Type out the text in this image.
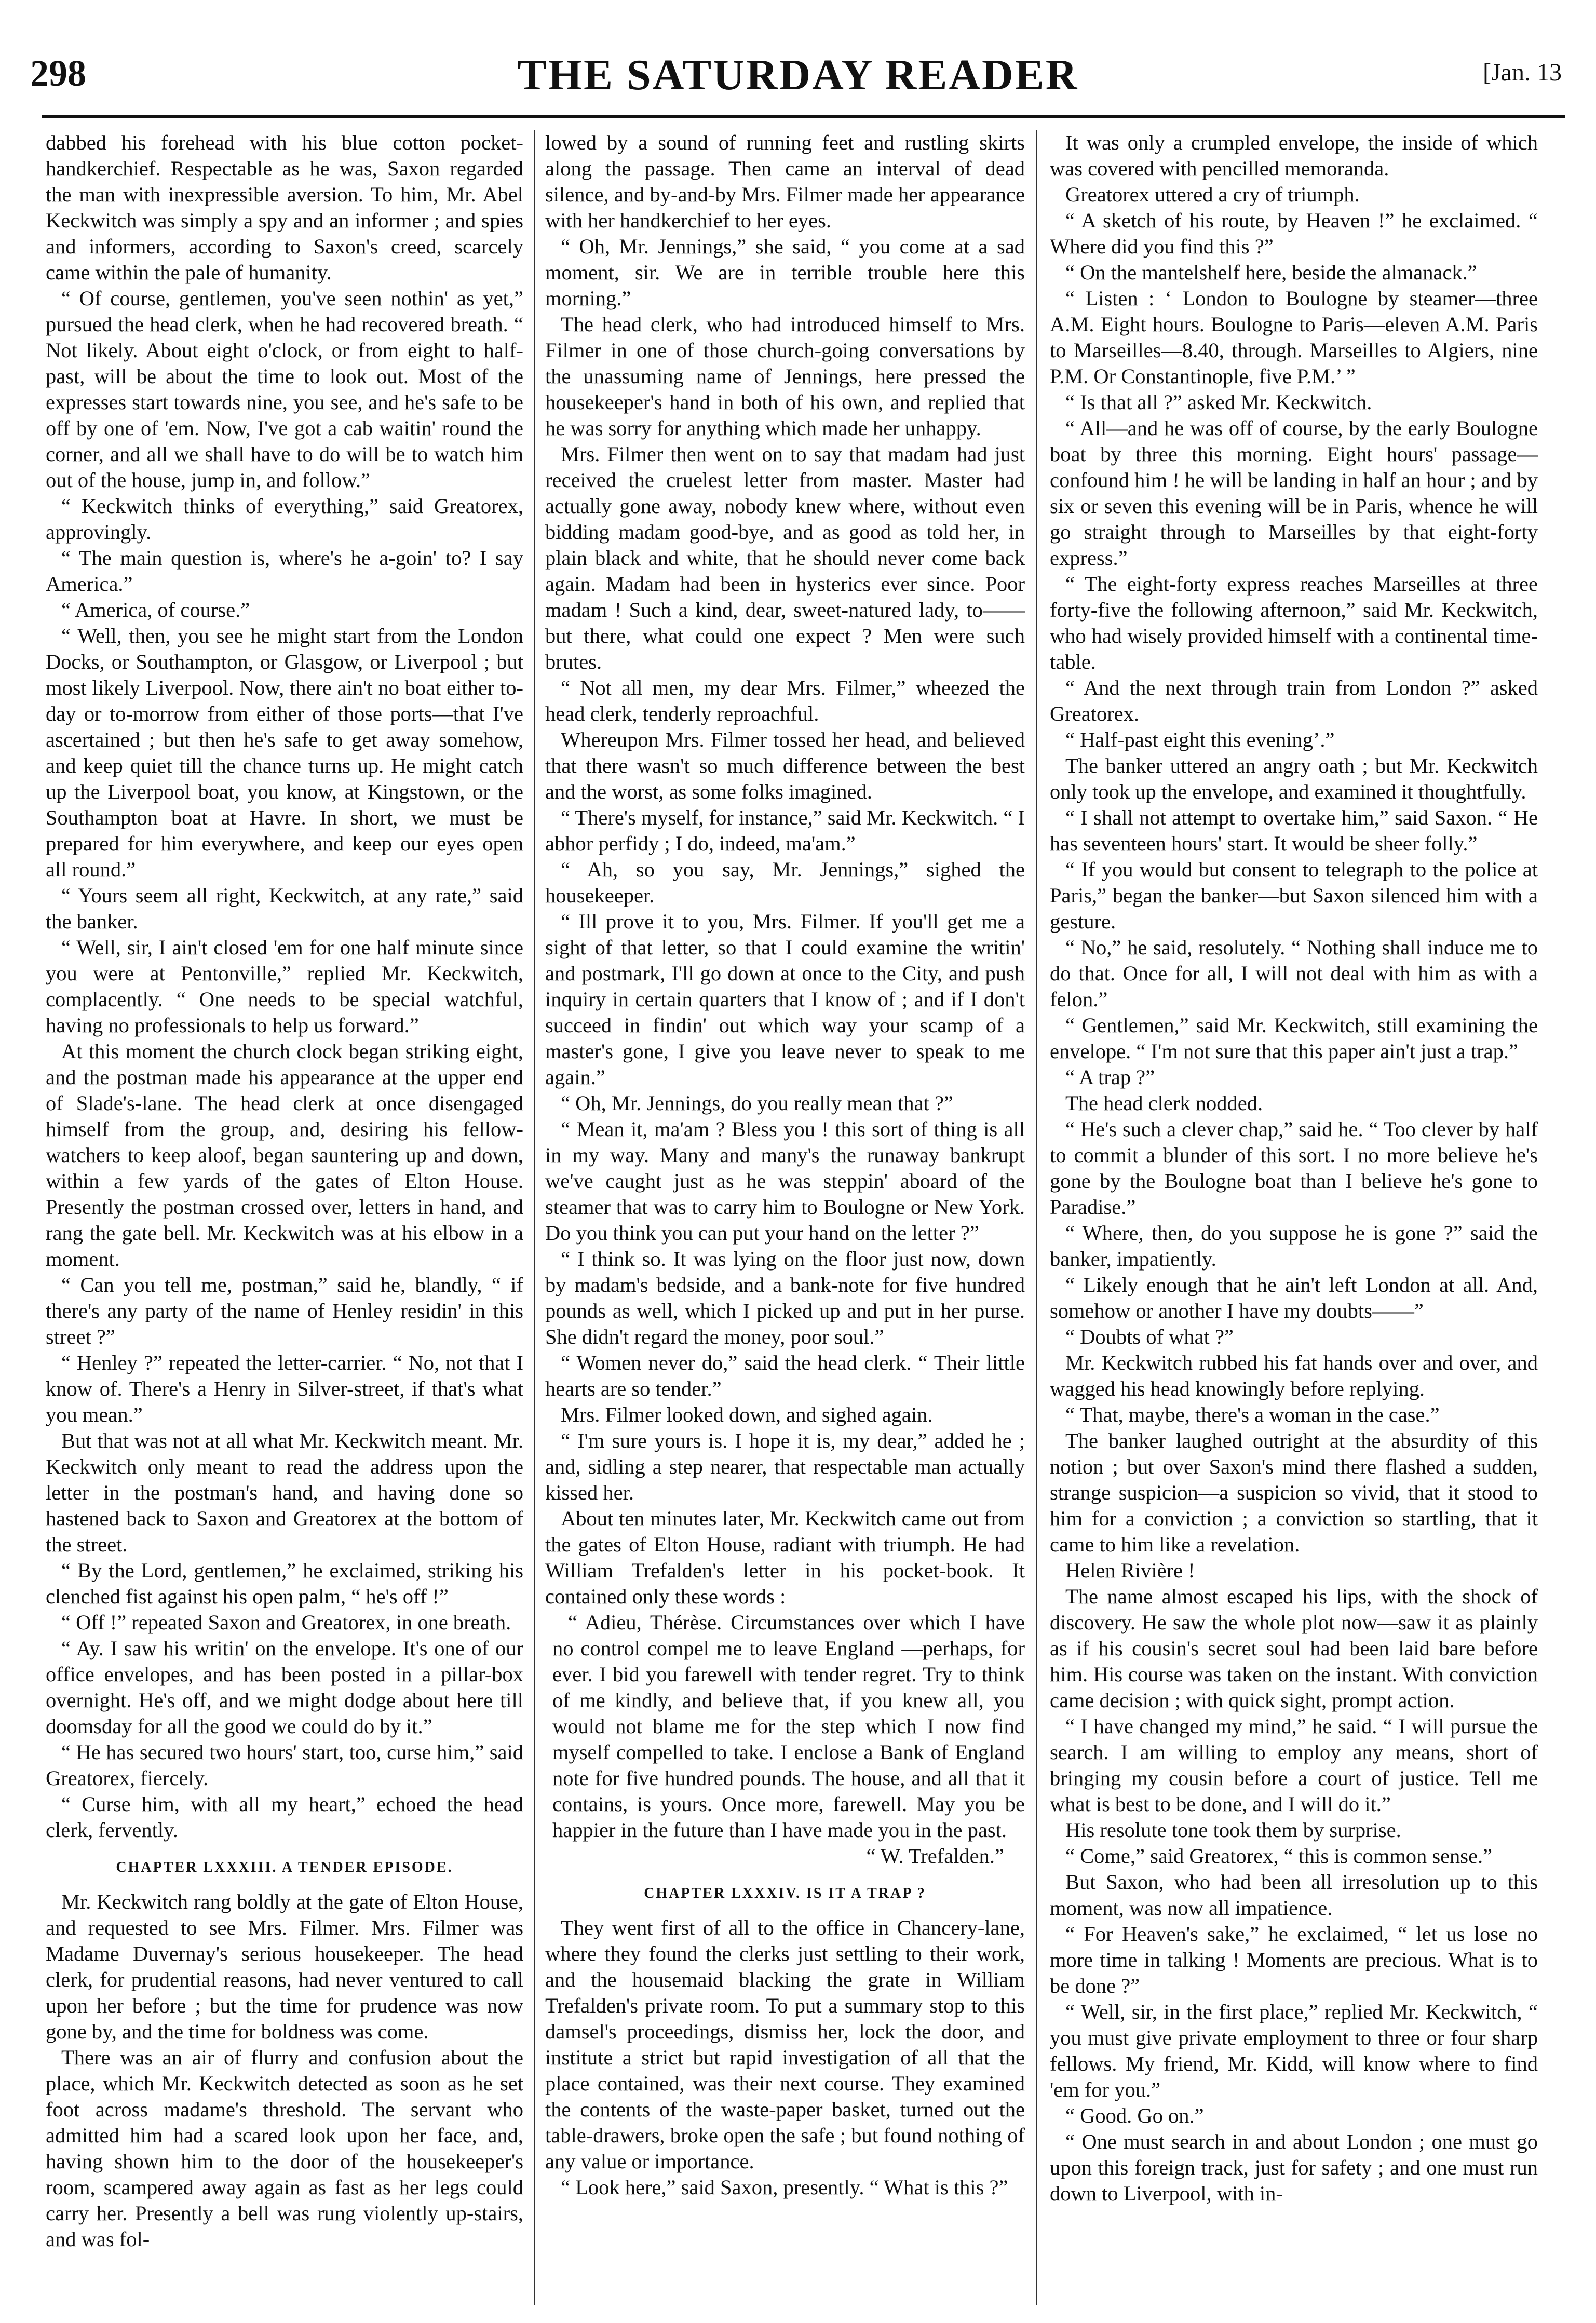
298	THE SATURDAY READER	[Jan. 13

dabbed his forehead with his blue cotton pocket-handkerchief. Respectable as he was, Saxon regarded the man with inexpressible aversion. To him, Mr. Abel Keckwitch was simply a spy and an informer ; and spies and informers, according to Saxon's creed, scarcely came within the pale of humanity.

“ Of course, gentlemen, you've seen nothin' as yet,” pursued the head clerk, when he had recovered breath. “ Not likely. About eight o'clock, or from eight to half-past, will be about the time to look out. Most of the expresses start towards nine, you see, and he's safe to be off by one of 'em. Now, I've got a cab waitin' round the corner, and all we shall have to do will be to watch him out of the house, jump in, and follow.”

“ Keckwitch thinks of everything,” said Greatorex, approvingly.

“ The main question is, where's he a-goin' to? I say America.”

“ America, of course.”

“ Well, then, you see he might start from the London Docks, or Southampton, or Glasgow, or Liverpool ; but most likely Liverpool. Now, there ain't no boat either to-day or to-morrow from either of those ports—that I've ascertained ; but then he's safe to get away somehow, and keep quiet till the chance turns up. He might catch up the Liverpool boat, you know, at Kingstown, or the Southampton boat at Havre. In short, we must be prepared for him everywhere, and keep our eyes open all round.”

“ Yours seem all right, Keckwitch, at any rate,” said the banker.

“ Well, sir, I ain't closed 'em for one half minute since you were at Pentonville,” replied Mr. Keckwitch, complacently. “ One needs to be special watchful, having no professionals to help us forward.”

At this moment the church clock began striking eight, and the postman made his appearance at the upper end of Slade's-lane. The head clerk at once disengaged himself from the group, and, desiring his fellow-watchers to keep aloof, began sauntering up and down, within a few yards of the gates of Elton House. Presently the postman crossed over, letters in hand, and rang the gate bell. Mr. Keckwitch was at his elbow in a moment.

“ Can you tell me, postman,” said he, blandly, “ if there's any party of the name of Henley residin' in this street ?”

“ Henley ?” repeated the letter-carrier. “ No, not that I know of. There's a Henry in Silver-street, if that's what you mean.”

But that was not at all what Mr. Keckwitch meant. Mr. Keckwitch only meant to read the address upon the letter in the postman's hand, and having done so hastened back to Saxon and Greatorex at the bottom of the street.

“ By the Lord, gentlemen,” he exclaimed, striking his clenched fist against his open palm, “ he's off !”

“ Off !” repeated Saxon and Greatorex, in one breath.

“ Ay. I saw his writin' on the envelope. It's one of our office envelopes, and has been posted in a pillar-box overnight. He's off, and we might dodge about here till doomsday for all the good we could do by it.”

“ He has secured two hours' start, too, curse him,” said Greatorex, fiercely.

“ Curse him, with all my heart,” echoed the head clerk, fervently.

CHAPTER LXXXIII. A TENDER EPISODE.

Mr. Keckwitch rang boldly at the gate of Elton House, and requested to see Mrs. Filmer. Mrs. Filmer was Madame Duvernay's serious housekeeper. The head clerk, for prudential reasons, had never ventured to call upon her before ; but the time for prudence was now gone by, and the time for boldness was come.

There was an air of flurry and confusion about the place, which Mr. Keckwitch detected as soon as he set foot across madame's threshold. The servant who admitted him had a scared look upon her face, and, having shown him to the door of the housekeeper's room, scampered away again as fast as her legs could carry her. Presently a bell was rung violently up-stairs, and was fol-

lowed by a sound of running feet and rustling skirts along the passage. Then came an interval of dead silence, and by-and-by Mrs. Filmer made her appearance with her handkerchief to her eyes.

“ Oh, Mr. Jennings,” she said, “ you come at a sad moment, sir. We are in terrible trouble here this morning.”

The head clerk, who had introduced himself to Mrs. Filmer in one of those church-going conversations by the unassuming name of Jennings, here pressed the housekeeper's hand in both of his own, and replied that he was sorry for anything which made her unhappy.

Mrs. Filmer then went on to say that madam had just received the cruelest letter from master. Master had actually gone away, nobody knew where, without even bidding madam good-bye, and as good as told her, in plain black and white, that he should never come back again. Madam had been in hysterics ever since. Poor madam ! Such a kind, dear, sweet-natured lady, to——but there, what could one expect ? Men were such brutes.

“ Not all men, my dear Mrs. Filmer,” wheezed the head clerk, tenderly reproachful.

Whereupon Mrs. Filmer tossed her head, and believed that there wasn't so much difference between the best and the worst, as some folks imagined.

“ There's myself, for instance,” said Mr. Keckwitch. “ I abhor perfidy ; I do, indeed, ma'am.”

“ Ah, so you say, Mr. Jennings,” sighed the housekeeper.

“ Ill prove it to you, Mrs. Filmer. If you'll get me a sight of that letter, so that I could examine the writin' and postmark, I'll go down at once to the City, and push inquiry in certain quarters that I know of ; and if I don't succeed in findin' out which way your scamp of a master's gone, I give you leave never to speak to me again.”

“ Oh, Mr. Jennings, do you really mean that ?”

“ Mean it, ma'am ? Bless you ! this sort of thing is all in my way. Many and many's the runaway bankrupt we've caught just as he was steppin' aboard of the steamer that was to carry him to Boulogne or New York. Do you think you can put your hand on the letter ?”

“ I think so. It was lying on the floor just now, down by madam's bedside, and a bank-note for five hundred pounds as well, which I picked up and put in her purse. She didn't regard the money, poor soul.”

“ Women never do,” said the head clerk. “ Their little hearts are so tender.”

Mrs. Filmer looked down, and sighed again.

“ I'm sure yours is. I hope it is, my dear,” added he ; and, sidling a step nearer, that respectable man actually kissed her.

About ten minutes later, Mr. Keckwitch came out from the gates of Elton House, radiant with triumph. He had William Trefalden's letter in his pocket-book. It contained only these words :

“ Adieu, Thérèse. Circumstances over which I have no control compel me to leave England —perhaps, for ever. I bid you farewell with tender regret. Try to think of me kindly, and believe that, if you knew all, you would not blame me for the step which I now find myself compelled to take. I enclose a Bank of England note for five hundred pounds. The house, and all that it contains, is yours. Once more, farewell. May you be happier in the future than I have made you in the past.

“ W. Trefalden.”

CHAPTER LXXXIV. IS IT A TRAP ?

They went first of all to the office in Chancery-lane, where they found the clerks just settling to their work, and the housemaid blacking the grate in William Trefalden's private room. To put a summary stop to this damsel's proceedings, dismiss her, lock the door, and institute a strict but rapid investigation of all that the place contained, was their next course. They examined the contents of the waste-paper basket, turned out the table-drawers, broke open the safe ; but found nothing of any value or importance.

“ Look here,” said Saxon, presently. “ What is this ?”

It was only a crumpled envelope, the inside of which was covered with pencilled memoranda.

Greatorex uttered a cry of triumph.

“ A sketch of his route, by Heaven !” he exclaimed. “ Where did you find this ?”

“ On the mantelshelf here, beside the almanack.”

“ Listen : ‘ London to Boulogne by steamer—three A.M. Eight hours. Boulogne to Paris—eleven A.M. Paris to Marseilles—8.40, through. Marseilles to Algiers, nine P.M. Or Constantinople, five P.M.’ ”

“ Is that all ?” asked Mr. Keckwitch.

“ All—and he was off of course, by the early Boulogne boat by three this morning. Eight hours' passage—confound him ! he will be landing in half an hour ; and by six or seven this evening will be in Paris, whence he will go straight through to Marseilles by that eight-forty express.”

“ The eight-forty express reaches Marseilles at three forty-five the following afternoon,” said Mr. Keckwitch, who had wisely provided himself with a continental time-table.

“ And the next through train from London ?” asked Greatorex.

“ Half-past eight this evening’.”

The banker uttered an angry oath ; but Mr. Keckwitch only took up the envelope, and examined it thoughtfully.

“ I shall not attempt to overtake him,” said Saxon. “ He has seventeen hours' start. It would be sheer folly.”

“ If you would but consent to telegraph to the police at Paris,” began the banker—but Saxon silenced him with a gesture.

“ No,” he said, resolutely. “ Nothing shall induce me to do that. Once for all, I will not deal with him as with a felon.”

“ Gentlemen,” said Mr. Keckwitch, still examining the envelope. “ I'm not sure that this paper ain't just a trap.”

“ A trap ?”

The head clerk nodded.

“ He's such a clever chap,” said he. “ Too clever by half to commit a blunder of this sort. I no more believe he's gone by the Boulogne boat than I believe he's gone to Paradise.”

“ Where, then, do you suppose he is gone ?” said the banker, impatiently.

“ Likely enough that he ain't left London at all. And, somehow or another I have my doubts——”

“ Doubts of what ?”

Mr. Keckwitch rubbed his fat hands over and over, and wagged his head knowingly before replying.

“ That, maybe, there's a woman in the case.”

The banker laughed outright at the absurdity of this notion ; but over Saxon's mind there flashed a sudden, strange suspicion—a suspicion so vivid, that it stood to him for a conviction ; a conviction so startling, that it came to him like a revelation.

Helen Rivière !

The name almost escaped his lips, with the shock of discovery. He saw the whole plot now—saw it as plainly as if his cousin's secret soul had been laid bare before him. His course was taken on the instant. With conviction came decision ; with quick sight, prompt action.

“ I have changed my mind,” he said. “ I will pursue the search. I am willing to employ any means, short of bringing my cousin before a court of justice. Tell me what is best to be done, and I will do it.”

His resolute tone took them by surprise.

“ Come,” said Greatorex, “ this is common sense.”

But Saxon, who had been all irresolution up to this moment, was now all impatience.

“ For Heaven's sake,” he exclaimed, “ let us lose no more time in talking ! Moments are precious. What is to be done ?”

“ Well, sir, in the first place,” replied Mr. Keckwitch, “ you must give private employment to three or four sharp fellows. My friend, Mr. Kidd, will know where to find 'em for you.”

“ Good. Go on.”

“ One must search in and about London ; one must go upon this foreign track, just for safety ; and one must run down to Liverpool, with in-
